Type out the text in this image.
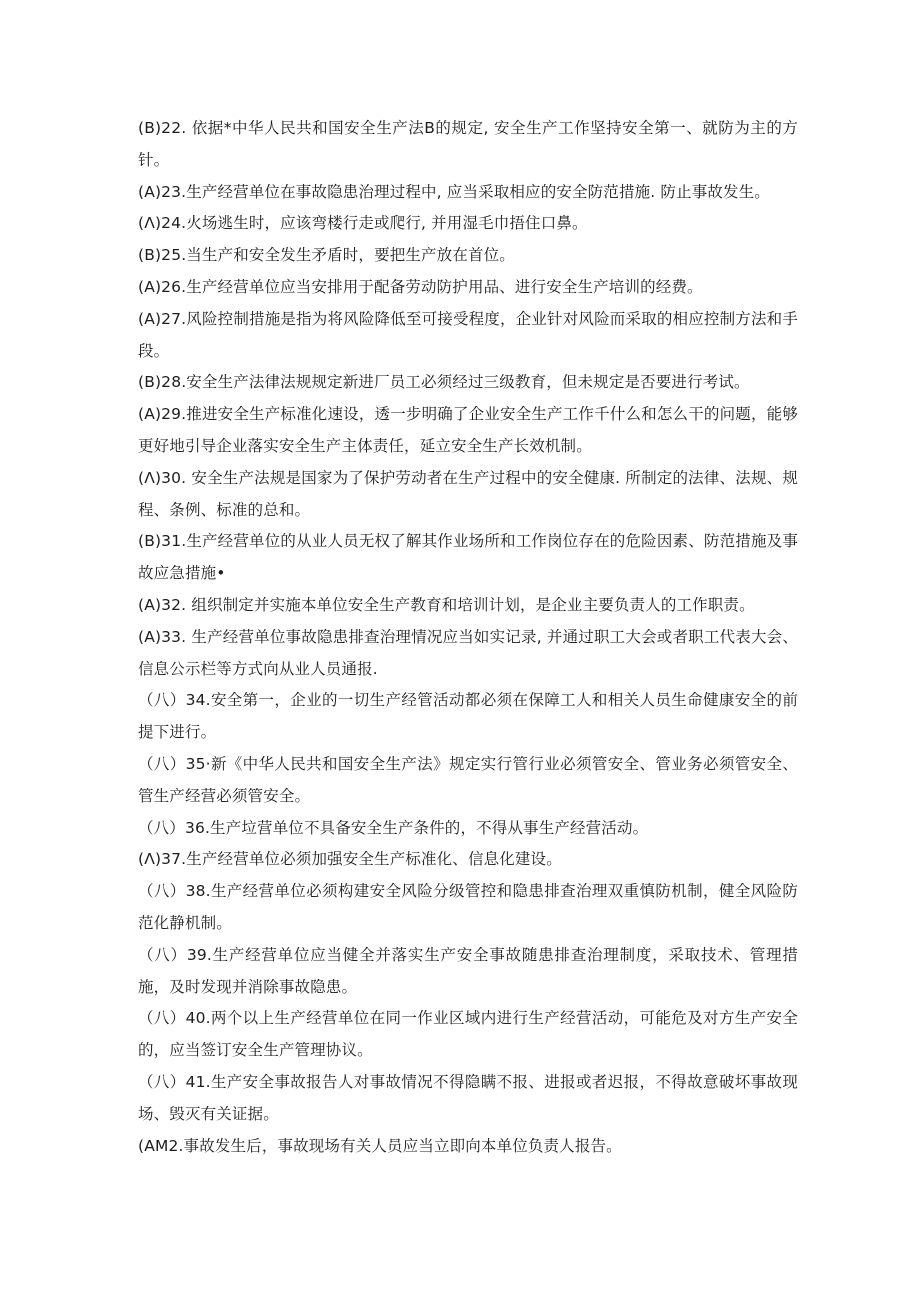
(B)22. 依据*中华人民共和国安全生产法B的规定, 安全生产工作坚持安全第一、就防为主的方针。

(A)23.生产经营单位在事故隐患治理过程中, 应当采取相应的安全防范措施. 防止事故发生。

(Λ)24.火场逃生时，应该弯楼行走或爬行, 并用湿毛巾捂住口鼻。

(B)25.当生产和安全发生矛盾时，要把生产放在首位。

(A)26.生产经营单位应当安排用于配备劳动防护用品、进行安全生产培训的经费。

(A)27.风险控制措施是指为将风险降低至可接受程度，企业针对风险而采取的相应控制方法和手段。

(B)28.安全生产法律法规规定新进厂员工必须经过三级教育，但未规定是否要进行考试。

(A)29.推进安全生产标准化速设，透一步明确了企业安全生产工作千什么和怎么干的问题，能够更好地引导企业落实安全生产主体责任，延立安全生产长效机制。

(Λ)30. 安全生产法规是国家为了保护劳动者在生产过程中的安全健康. 所制定的法律、法规、规程、条例、标准的总和。

(B)31.生产经营单位的从业人员无权了解其作业场所和工作岗位存在的危险因素、防范措施及事故应急措施•

(A)32. 组织制定并实施本单位安全生产教育和培训计划，是企业主要负责人的工作职责。

(A)33. 生产经营单位事故隐患排查治理情况应当如实记录, 并通过职工大会或者职工代表大会、信息公示栏等方式向从业人员通报.

（八）34.安全第一，企业的一切生产经管活动都必须在保障工人和相关人员生命健康安全的前提下进行。

（八）35·新《中华人民共和国安全生产法》规定实行管行业必须管安全、管业务必须管安全、管生产经营必须管安全。

（八）36.生产垃营单位不具备安全生产条件的，不得从事生产经营活动。

(Λ)37.生产经营单位必须加强安全生产标准化、信息化建设。

（八）38.生产经营单位必须构建安全风险分级管控和隐患排查治理双重慎防机制，健全风险防范化静机制。

（八）39.生产经营单位应当健全并落实生产安全事故随患排查治理制度，采取技术、管理措施，及时发现并消除事故隐患。

（八）40.两个以上生产经营单位在同一作业区域内进行生产经营活动，可能危及对方生产安全的，应当签订安全生产管理协议。

（八）41.生产安全事故报告人对事故情况不得隐瞒不报、进报或者迟报，不得故意破坏事故现场、毁灭有关证据。

(AM2.事故发生后，事故现场有关人员应当立即向本单位负责人报告。
